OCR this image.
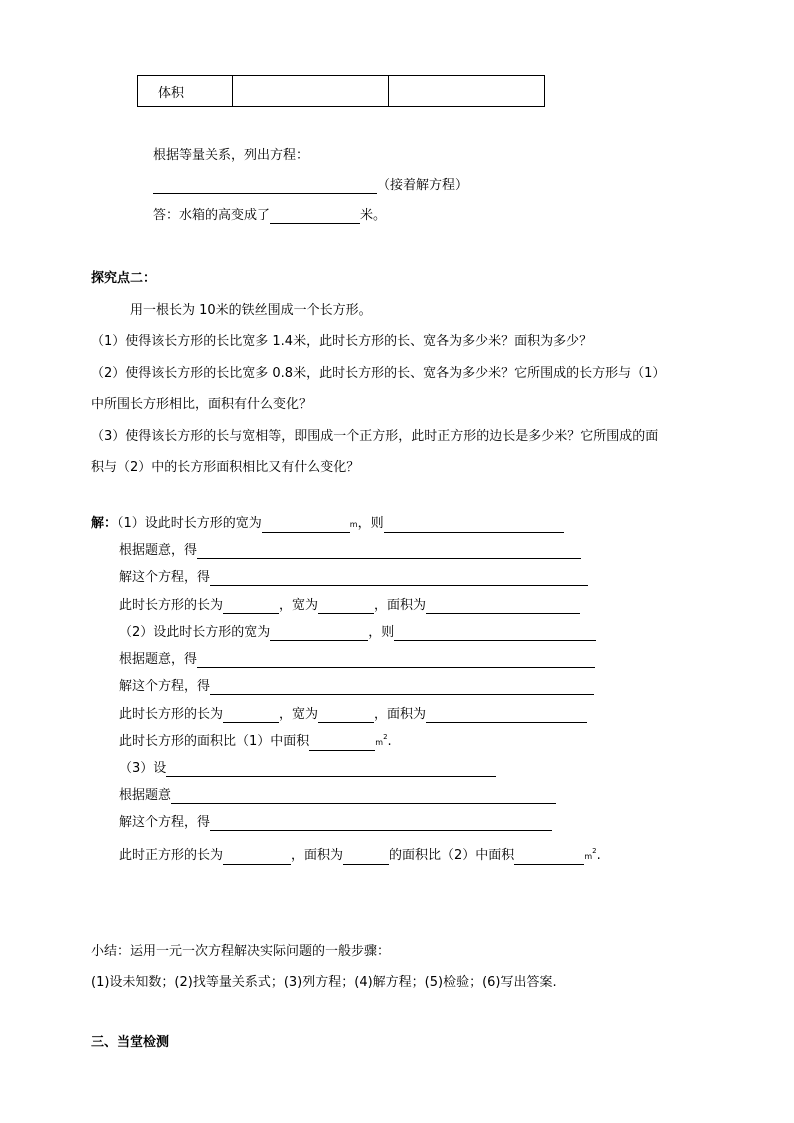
体积		
根据等量关系，列出方程：
（接着解方程）
答：水箱的高变成了	米。
探究点二：
用一根长为 10米的铁丝围成一个长方形。
（1）使得该长方形的长比宽多 1.4米，此时长方形的长、宽各为多少米？面积为多少？
（2）使得该长方形的长比宽多 0.8米，此时长方形的长、宽各为多少米？它所围成的长方形与（1）
中所围长方形相比，面积有什么变化？
（3）使得该长方形的长与宽相等，即围成一个正方形，此时正方形的边长是多少米？它所围成的面
积与（2）中的长方形面积相比又有什么变化？
解：（1）设此时长方形的宽为	m，则
根据题意，得
解这个方程，得
此时长方形的长为	，宽为	，面积为
（2）设此时长方形的宽为	，则
根据题意，得
解这个方程，得
此时长方形的长为	，宽为	，面积为
此时长方形的面积比（1）中面积	$m^2$.
（3）设
根据题意
解这个方程，得
此时正方形的长为	，面积为	的面积比（2）中面积	$m^2$.
小结：运用一元一次方程解决实际问题的一般步骤：
(1)设未知数；(2)找等量关系式；(3)列方程；(4)解方程；(5)检验；(6)写出答案.
三、当堂检测
